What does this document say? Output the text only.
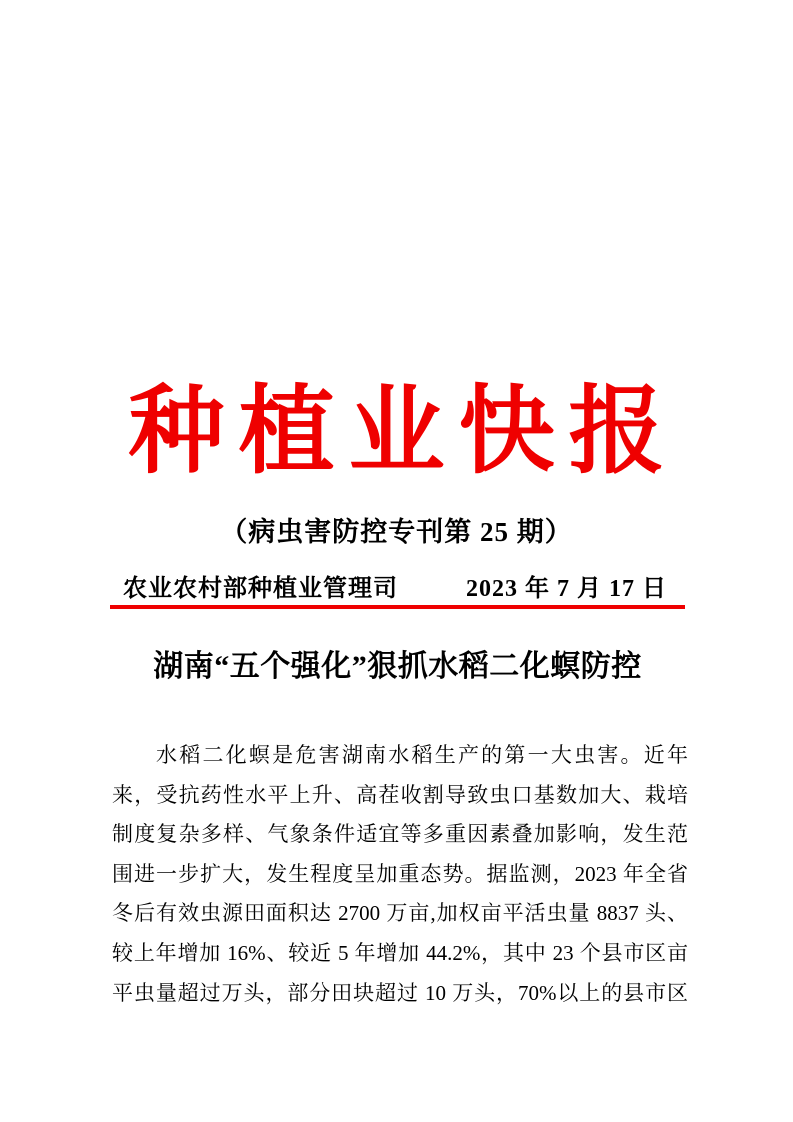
种植业快报
（病虫害防控专刊第 25 期）
农业农村部种植业管理司	2023 年 7 月 17 日
湖南“五个强化”狠抓水稻二化螟防控
水稻二化螟是危害湖南水稻生产的第一大虫害。近年
来，受抗药性水平上升、高茬收割导致虫口基数加大、栽培
制度复杂多样、气象条件适宜等多重因素叠加影响，发生范
围进一步扩大，发生程度呈加重态势。据监测，2023 年全省
冬后有效虫源田面积达 2700 万亩,加权亩平活虫量 8837 头、
较上年增加 16%、较近 5 年增加 44.2%，其中 23 个县市区亩
平虫量超过万头，部分田块超过 10 万头，70%以上的县市区
